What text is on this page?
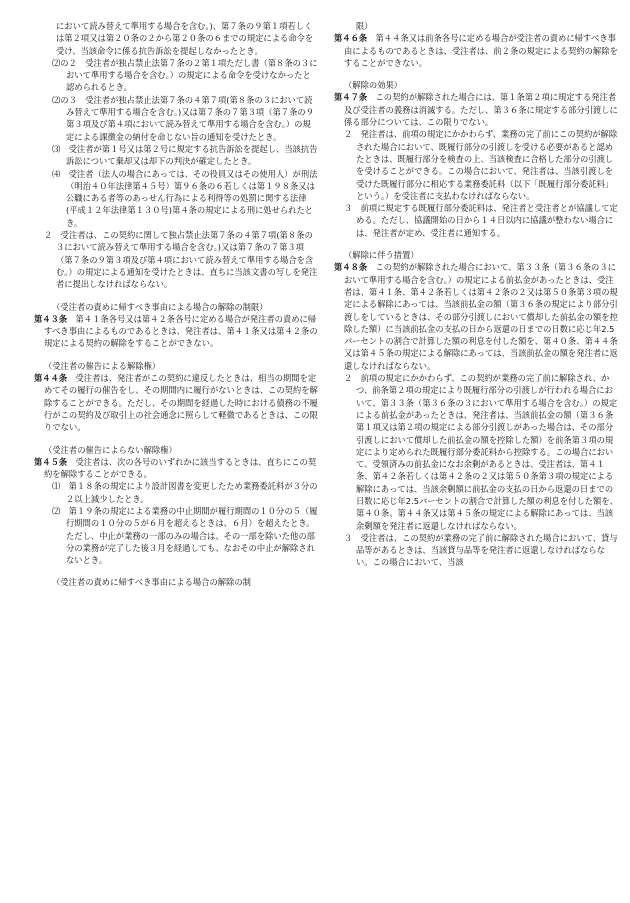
において読み替えて準用する場合を含む。)、第７条の９第１項若しくは第２項又は第２０条の２から第２０条の６までの規定による命令を受け、当該命令に係る抗告訴訟を提起しなかったとき。

⑵の２　受注者が独占禁止法第７条の２第１項ただし書（第８条の３において準用する場合を含む。）の規定による命令を受けなかったと認められるとき。

⑵の３　受注者が独占禁止法第７条の４第７項(第８条の３において読み替えて準用する場合を含む。)又は第７条の７第３項（第７条の９第３項及び第４項において読み替えて準用する場合を含む。）の規定による課徴金の納付を命じない旨の通知を受けたとき。

⑶　受注者が第１号又は第２号に規定する抗告訴訟を提起し、当該抗告訴訟について棄却又は却下の判決が確定したとき。

⑷　受注者（法人の場合にあっては、その役員又はその使用人）が刑法（明治４０年法律第４５号）第９６条の６若しくは第１９８条又は公職にある者等のあっせん行為による利得等の処罰に関する法律(平成１２年法律第１３０号)第４条の規定による刑に処せられたとき。

２　受注者は、この契約に関して独占禁止法第７条の４第７項(第８条の３において読み替えて準用する場合を含む。)又は第７条の７第３項（第７条の９第３項及び第４項において読み替えて準用する場合を含む。）の規定による通知を受けたときは、直ちに当該文書の写しを発注者に提出しなければならない。

（受注者の責めに帰すべき事由による場合の解除の制限）

第４３条　第４１条各号又は第４２条各号に定める場合が発注者の責めに帰すべき事由によるものであるときは、発注者は、第４１条又は第４２条の規定による契約の解除をすることができない。

（受注者の催告による解除権）

第４４条　受注者は、発注者がこの契約に違反したときは、相当の期間を定めてその履行の催告をし、その期間内に履行がないときは、この契約を解除することができる。ただし、その期間を経過した時における債務の不履行がこの契約及び取引上の社会通念に照らして軽微であるときは、この限りでない。

（受注者の催告によらない解除権）

第４５条　受注者は、次の各号のいずれかに該当するときは、直ちにこの契約を解除することができる。

⑴　第１８条の規定により設計図書を変更したため業務委託料が３分の２以上減少したとき。

⑵　第１９条の規定による業務の中止期間が履行期間の１０分の５（履行期間の１０分の５が６月を超えるときは、６月）を超えたとき。ただし、中止が業務の一部のみの場合は、その一部を除いた他の部分の業務が完了した後３月を経過しても、なおその中止が解除されないとき。

（受注者の責めに帰すべき事由による場合の解除の制

限）

第４６条　第４４条又は前条各号に定める場合が受注者の責めに帰すべき事由によるものであるときは、受注者は、前２条の規定による契約の解除をすることができない。

（解除の効果）

第４７条　この契約が解除された場合には、第１条第２項に規定する発注者及び受注者の義務は消滅する。ただし、第３６条に規定する部分引渡しに係る部分については、この限りでない。

２　発注者は、前項の規定にかかわらず、業務の完了前にこの契約が解除された場合において、既履行部分の引渡しを受ける必要があると認めたときは、既履行部分を検査の上、当該検査に合格した部分の引渡しを受けることができる。この場合において、発注者は、当該引渡しを受けた既履行部分に相応する業務委託料（以下「既履行部分委託料」という。）を受注者に支払わなければならない。

３　前項に規定する既履行部分委託料は、発注者と受注者とが協議して定める。ただし、協議開始の日から１４日以内に協議が整わない場合には、発注者が定め、受注者に通知する。

（解除に伴う措置）

第４８条　この契約が解除された場合において、第３３条（第３６条の３において準用する場合を含む。）の規定による前払金があったときは、受注者は、第４１条、第４２条若しくは第４２条の２又は第５０条第３項の規定による解除にあっては、当該前払金の額（第３６条の規定により部分引渡しをしているときは、その部分引渡しにおいて償却した前払金の額を控除した額）に当該前払金の支払の日から返還の日までの日数に応じ年2.5パーセントの割合で計算した額の利息を付した額を、第４０条、第４４条又は第４５条の規定による解除にあっては、当該前払金の額を発注者に返還しなければならない。

２　前項の規定にかかわらず、この契約が業務の完了前に解除され、かつ、前条第２項の規定により既履行部分の引渡しが行われる場合において、第３３条（第３６条の３において準用する場合を含む。）の規定による前払金があったときは、発注者は、当該前払金の額（第３６条第１項又は第２項の規定による部分引渡しがあった場合は、その部分引渡しにおいて償却した前払金の額を控除した額）を前条第３項の規定により定められた既履行部分委託料から控除する。この場合において、受領済みの前払金になお余剰があるときは、受注者は、第４１条、第４２条若しくは第４２条の２又は第５０条第３項の規定による解除にあっては、当該余剰額に前払金の支払の日から返還の日までの日数に応じ年2.5パーセントの割合で計算した額の利息を付した額を、第４０条、第４４条又は第４５条の規定による解除にあっては、当該余剰額を発注者に返還しなければならない。

３　受注者は、この契約が業務の完了前に解除された場合において、貸与品等があるときは、当該貸与品等を発注者に返還しなければならない。この場合において、当該
